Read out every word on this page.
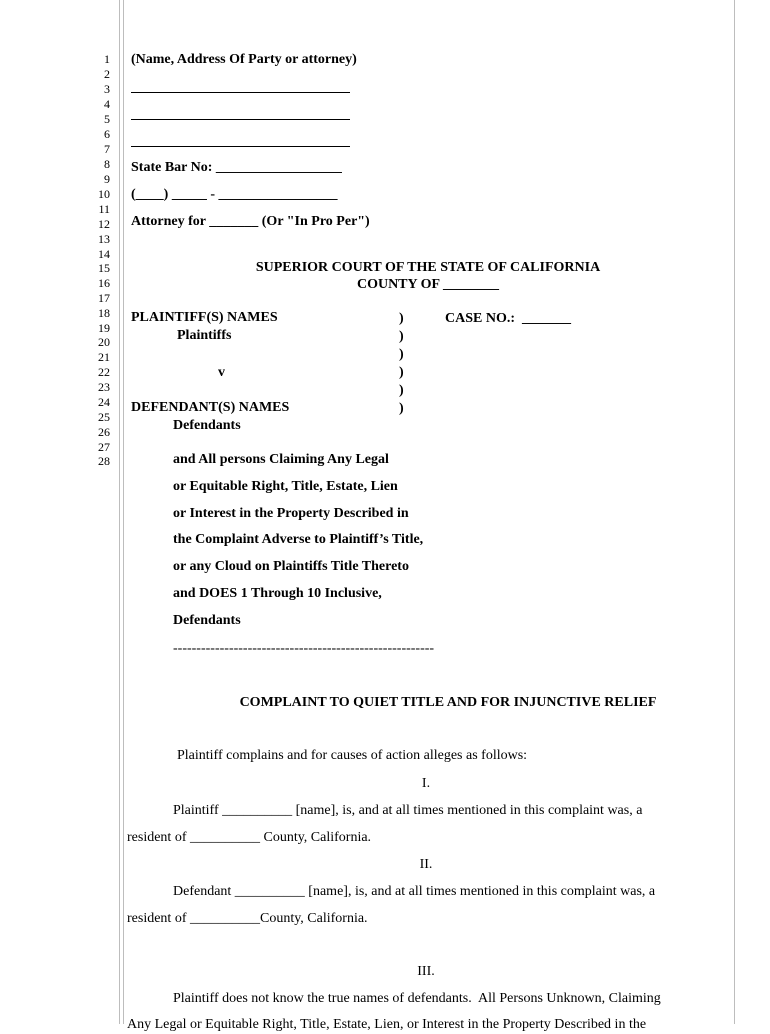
1
2
3
4
5
6
7
8
9
10
11
12
13
14
15
16
17
18
19
20
21
22
23
24
25
26
27
28
(Name, Address Of Party or attorney)
State Bar No: __________________
(____) _____ - _________________
Attorney for _______ (Or "In Pro Per")
SUPERIOR COURT OF THE STATE OF CALIFORNIA
COUNTY OF ________
PLAINTIFF(S) NAMES
Plaintiffs
v
DEFENDANT(S) NAMES
Defendants
)
)
)
)
)
)
CASE NO.:  _______
and All persons Claiming Any Legal
or Equitable Right, Title, Estate, Lien
or Interest in the Property Described in
the Complaint Adverse to Plaintiff’s Title,
or any Cloud on Plaintiffs Title Thereto
and DOES 1 Through 10 Inclusive,
Defendants
--------------------------------------------------------
COMPLAINT TO QUIET TITLE AND FOR INJUNCTIVE RELIEF
Plaintiff complains and for causes of action alleges as follows:
I.
Plaintiff __________ [name], is, and at all times mentioned in this complaint was, a
resident of __________ County, California.
II.
Defendant __________ [name], is, and at all times mentioned in this complaint was, a
resident of __________County, California.
III.
Plaintiff does not know the true names of defendants.  All Persons Unknown, Claiming
Any Legal or Equitable Right, Title, Estate, Lien, or Interest in the Property Described in the
